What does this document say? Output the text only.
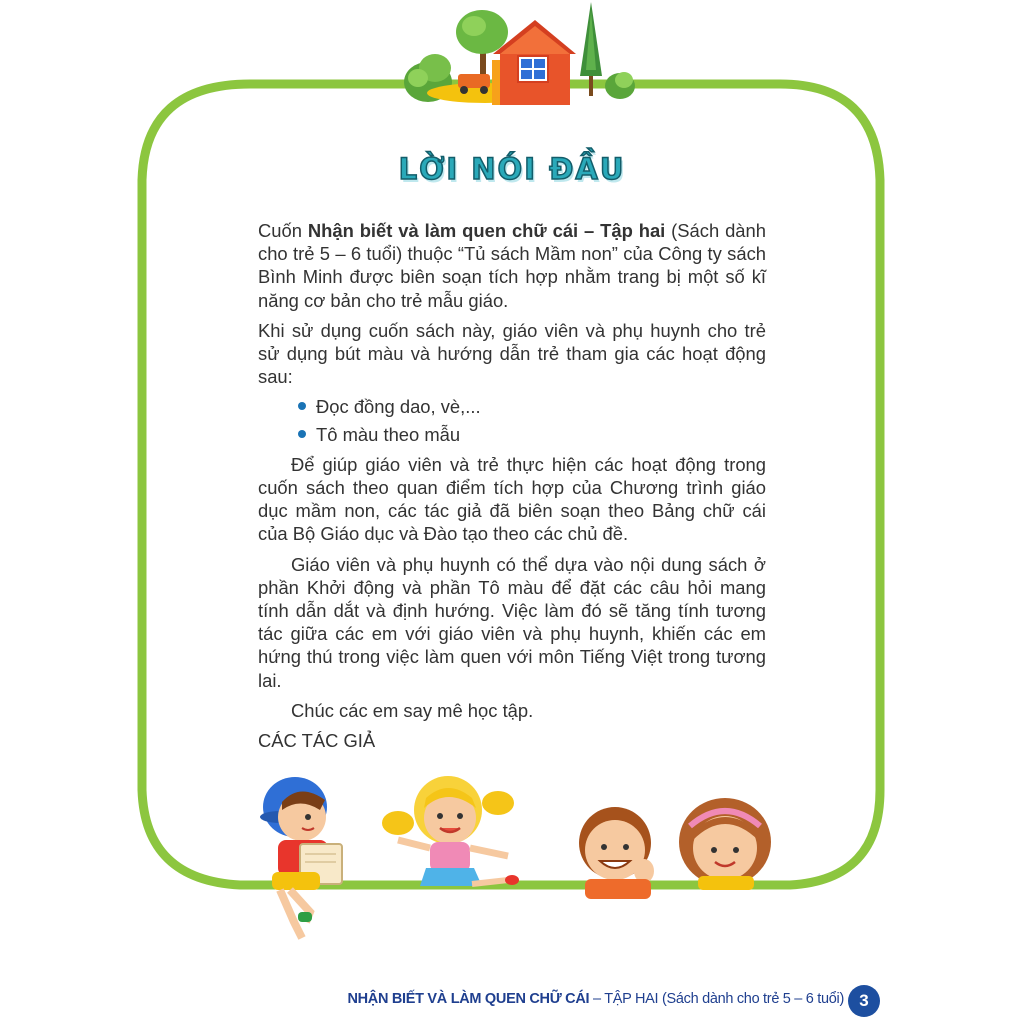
LỜI NÓI ĐẦU

Cuốn Nhận biết và làm quen chữ cái – Tập hai (Sách dành cho trẻ 5 – 6 tuổi) thuộc “Tủ sách Mầm non” của Công ty sách Bình Minh được biên soạn tích hợp nhằm trang bị một số kĩ năng cơ bản cho trẻ mẫu giáo.

Khi sử dụng cuốn sách này, giáo viên và phụ huynh cho trẻ sử dụng bút màu và hướng dẫn trẻ tham gia các hoạt động sau:

Đọc đồng dao, vè,...
Tô màu theo mẫu

Để giúp giáo viên và trẻ thực hiện các hoạt động trong cuốn sách theo quan điểm tích hợp của Chương trình giáo dục mầm non, các tác giả đã biên soạn theo Bảng chữ cái của Bộ Giáo dục và Đào tạo theo các chủ đề.

Giáo viên và phụ huynh có thể dựa vào nội dung sách ở phần Khởi động và phần Tô màu để đặt các câu hỏi mang tính dẫn dắt và định hướng. Việc làm đó sẽ tăng tính tương tác giữa các em với giáo viên và phụ huynh, khiến các em hứng thú trong việc làm quen với môn Tiếng Việt trong tương lai.

Chúc các em say mê học tập.

CÁC TÁC GIẢ

NHẬN BIẾT VÀ LÀM QUEN CHỮ CÁI – TẬP HAI (Sách dành cho trẻ 5 – 6 tuổi) 3
